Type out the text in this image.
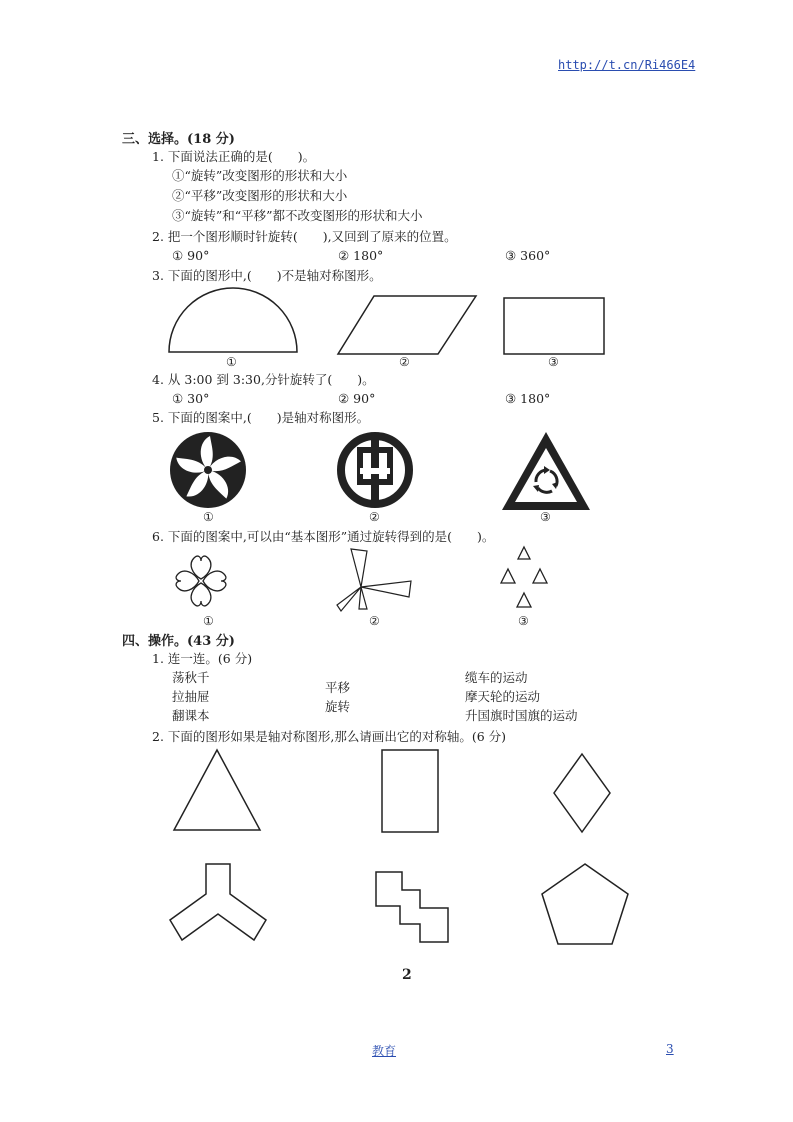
http://t.cn/Ri466E4
三、选择。(18 分)
1. 下面说法正确的是(　　)。
①“旋转”改变图形的形状和大小
②“平移”改变图形的形状和大小
③“旋转”和“平移”都不改变图形的形状和大小
2. 把一个图形顺时针旋转(　　),又回到了原来的位置。
① 90°	② 180°	③ 360°
3. 下面的图形中,(　　)不是轴对称图形。
①	②	③
4. 从 3:00 到 3:30,分针旋转了(　　)。
① 30°	② 90°	③ 180°
5. 下面的图案中,(　　)是轴对称图形。
①	②	③
6. 下面的图案中,可以由“基本图形”通过旋转得到的是(　　)。
①	②	③
四、操作。(43 分)
1. 连一连。(6 分)
荡秋千
拉抽屉
翻课本
平移
旋转
缆车的运动
摩天轮的运动
升国旗时国旗的运动
2. 下面的图形如果是轴对称图形,那么请画出它的对称轴。(6 分)
2
教育	3
